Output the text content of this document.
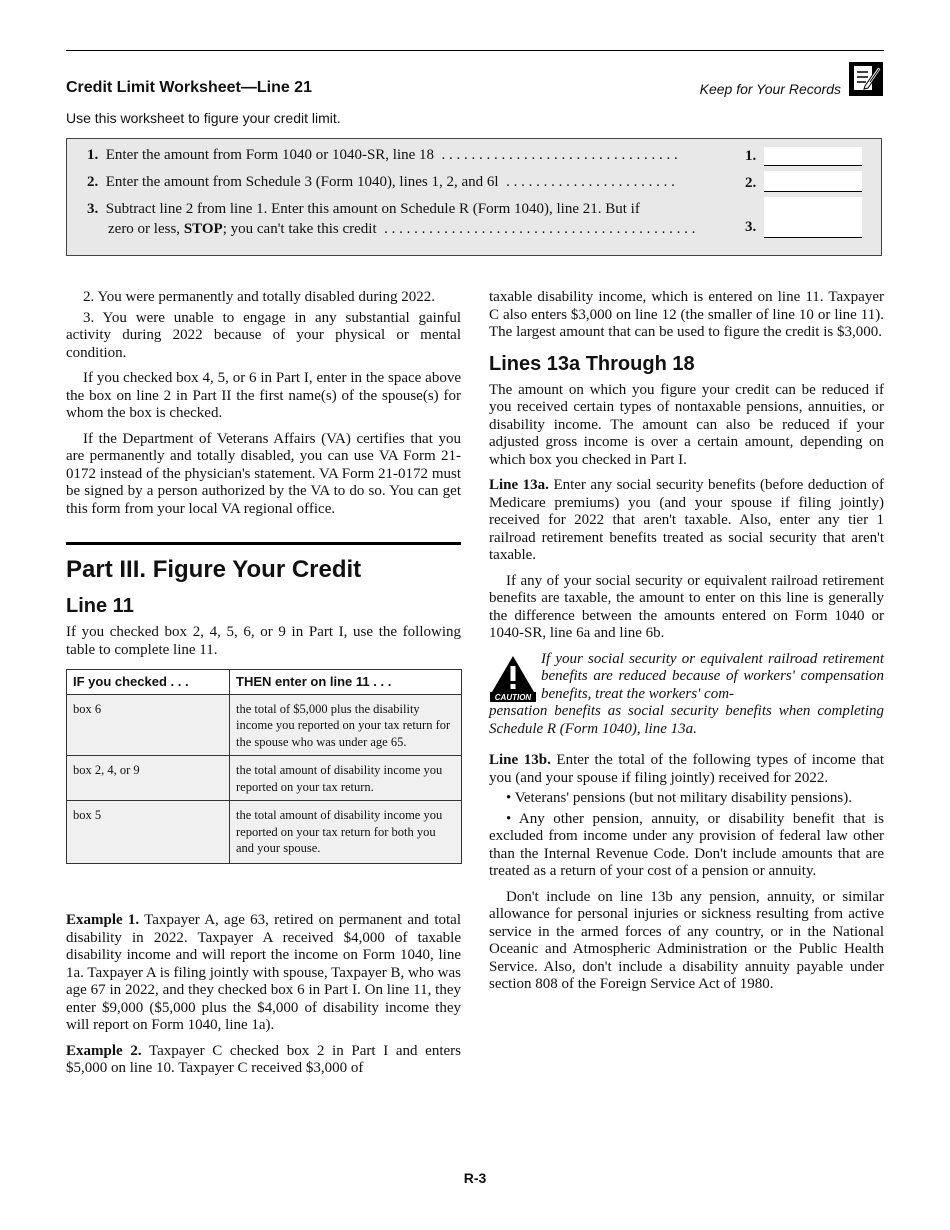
Credit Limit Worksheet—Line 21	Keep for Your Records
Use this worksheet to figure your credit limit.
1. Enter the amount from Form 1040 or 1040-SR, line 18 . . . . . . . . . . . . . . . . . . . . . . . . . . . . . . . .	1.
2. Enter the amount from Schedule 3 (Form 1040), lines 1, 2, and 6l . . . . . . . . . . . . . . . . . . . . . . .	2.
3. Subtract line 2 from line 1. Enter this amount on Schedule R (Form 1040), line 21. But if
zero or less, STOP; you can't take this credit . . . . . . . . . . . . . . . . . . . . . . . . . . . . . . . . . . . . . . . . . .	3.

2. You were permanently and totally disabled during 2022.

3. You were unable to engage in any substantial gainful activity during 2022 because of your physical or mental condition.

If you checked box 4, 5, or 6 in Part I, enter in the space above the box on line 2 in Part II the first name(s) of the spouse(s) for whom the box is checked.

If the Department of Veterans Affairs (VA) certifies that you are permanently and totally disabled, you can use VA Form 21-0172 instead of the physician's statement. VA Form 21-0172 must be signed by a person authorized by the VA to do so. You can get this form from your local VA regional office.

Part III. Figure Your Credit
Line 11

If you checked box 2, 4, 5, 6, or 9 in Part I, use the following table to complete line 11.

IF you checked . . .	THEN enter on line 11 . . .
box 6	the total of $5,000 plus the disability income you reported on your tax return for the spouse who was under age 65.
box 2, 4, or 9	the total amount of disability income you reported on your tax return.
box 5	the total amount of disability income you reported on your tax return for both you and your spouse.

Example 1. Taxpayer A, age 63, retired on permanent and total disability in 2022. Taxpayer A received $4,000 of taxable disability income and will report the income on Form 1040, line 1a. Taxpayer A is filing jointly with spouse, Taxpayer B, who was age 67 in 2022, and they checked box 6 in Part I. On line 11, they enter $9,000 ($5,000 plus the $4,000 of disability income they will report on Form 1040, line 1a).

Example 2. Taxpayer C checked box 2 in Part I and enters $5,000 on line 10. Taxpayer C received $3,000 of

taxable disability income, which is entered on line 11. Taxpayer C also enters $3,000 on line 12 (the smaller of line 10 or line 11). The largest amount that can be used to figure the credit is $3,000.

Lines 13a Through 18

The amount on which you figure your credit can be reduced if you received certain types of nontaxable pensions, annuities, or disability income. The amount can also be reduced if your adjusted gross income is over a certain amount, depending on which box you checked in Part I.

Line 13a. Enter any social security benefits (before deduction of Medicare premiums) you (and your spouse if filing jointly) received for 2022 that aren't taxable. Also, enter any tier 1 railroad retirement benefits treated as social security that aren't taxable.

If any of your social security or equivalent railroad retirement benefits are taxable, the amount to enter on this line is generally the difference between the amounts entered on Form 1040 or 1040-SR, line 6a and line 6b.

CAUTION
If your social security or equivalent railroad retirement benefits are reduced because of workers' compensation benefits, treat the workers' com-
pensation benefits as social security benefits when completing Schedule R (Form 1040), line 13a.

Line 13b. Enter the total of the following types of income that you (and your spouse if filing jointly) received for 2022.

• Veterans' pensions (but not military disability pensions).

• Any other pension, annuity, or disability benefit that is excluded from income under any provision of federal law other than the Internal Revenue Code. Don't include amounts that are treated as a return of your cost of a pension or annuity.

Don't include on line 13b any pension, annuity, or similar allowance for personal injuries or sickness resulting from active service in the armed forces of any country, or in the National Oceanic and Atmospheric Administration or the Public Health Service. Also, don't include a disability annuity payable under section 808 of the Foreign Service Act of 1980.

R-3
